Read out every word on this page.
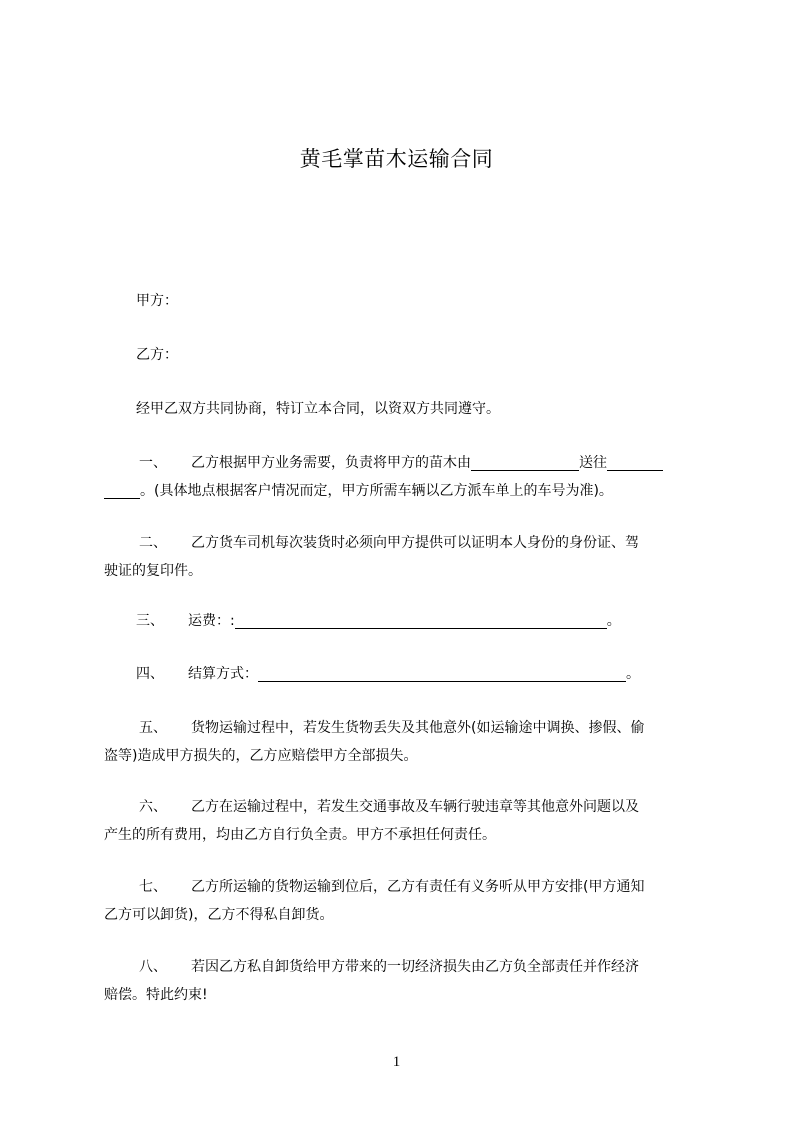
黄毛掌苗木运输合同
甲方：
乙方：
经甲乙双方共同协商，特订立本合同，以资双方共同遵守。
一、 乙方根据甲方业务需要，负责将甲方的苗木由	送往
。(具体地点根据客户情况而定，甲方所需车辆以乙方派车单上的车号为准)。
二、 乙方货车司机每次装货时必须向甲方提供可以证明本人身份的身份证、驾
驶证的复印件。
三、 运费：:	。
四、 结算方式：	。
五、 货物运输过程中，若发生货物丢失及其他意外(如运输途中调换、掺假、偷
盗等)造成甲方损失的，乙方应赔偿甲方全部损失。
六、 乙方在运输过程中，若发生交通事故及车辆行驶违章等其他意外问题以及
产生的所有费用，均由乙方自行负全责。甲方不承担任何责任。
七、 乙方所运输的货物运输到位后，乙方有责任有义务听从甲方安排(甲方通知
乙方可以卸货)，乙方不得私自卸货。
八、 若因乙方私自卸货给甲方带来的一切经济损失由乙方负全部责任并作经济
赔偿。特此约束!
1
